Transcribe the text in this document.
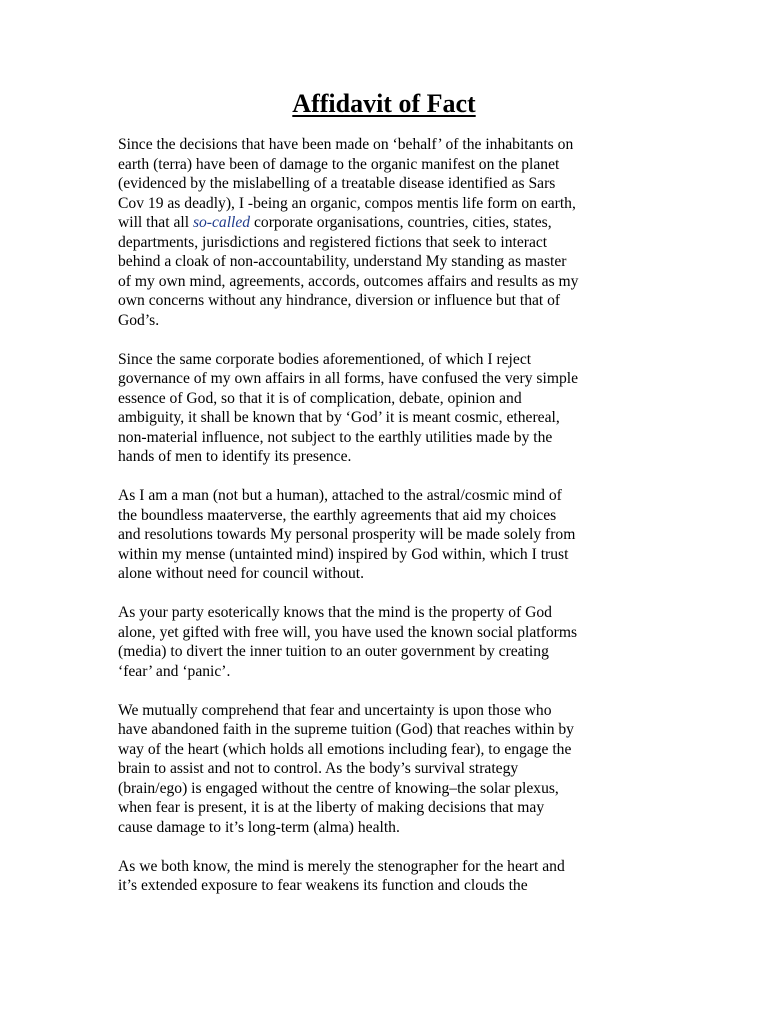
Affidavit of Fact

Since the decisions that have been made on ‘behalf’ of the inhabitants on
earth (terra) have been of damage to the organic manifest on the planet
(evidenced by the mislabelling of a treatable disease identified as Sars
Cov 19 as deadly), I -being an organic, compos mentis life form on earth,
will that all so-called corporate organisations, countries, cities, states,
departments, jurisdictions and registered fictions that seek to interact
behind a cloak of non-accountability, understand My standing as master
of my own mind, agreements, accords, outcomes affairs and results as my
own concerns without any hindrance, diversion or influence but that of
God’s.

Since the same corporate bodies aforementioned, of which I reject
governance of my own affairs in all forms, have confused the very simple
essence of God, so that it is of complication, debate, opinion and
ambiguity, it shall be known that by ‘God’ it is meant cosmic, ethereal,
non-material influence, not subject to the earthly utilities made by the
hands of men to identify its presence.

As I am a man (not but a human), attached to the astral/cosmic mind of
the boundless maaterverse, the earthly agreements that aid my choices
and resolutions towards My personal prosperity will be made solely from
within my mense (untainted mind) inspired by God within, which I trust
alone without need for council without.

As your party esoterically knows that the mind is the property of God
alone, yet gifted with free will, you have used the known social platforms
(media) to divert the inner tuition to an outer government by creating
‘fear’ and ‘panic’.

We mutually comprehend that fear and uncertainty is upon those who
have abandoned faith in the supreme tuition (God) that reaches within by
way of the heart (which holds all emotions including fear), to engage the
brain to assist and not to control. As the body’s survival strategy
(brain/ego) is engaged without the centre of knowing–the solar plexus,
when fear is present, it is at the liberty of making decisions that may
cause damage to it’s long-term (alma) health.

As we both know, the mind is merely the stenographer for the heart and
it’s extended exposure to fear weakens its function and clouds the
